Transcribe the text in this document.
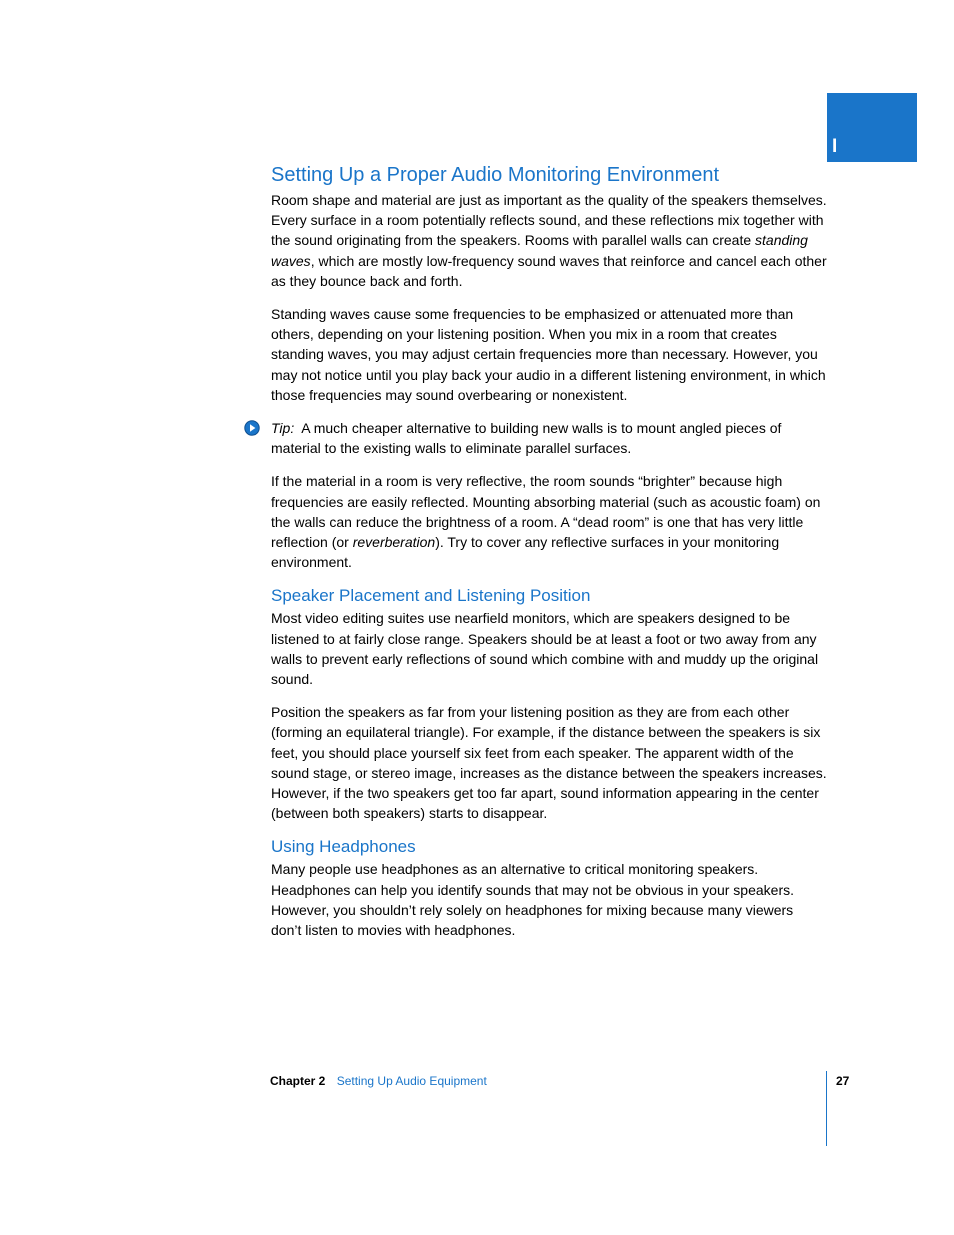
I
Setting Up a Proper Audio Monitoring Environment

Room shape and material are just as important as the quality of the speakers themselves. Every surface in a room potentially reflects sound, and these reflections mix together with the sound originating from the speakers. Rooms with parallel walls can create standing waves, which are mostly low-frequency sound waves that reinforce and cancel each other as they bounce back and forth.

Standing waves cause some frequencies to be emphasized or attenuated more than others, depending on your listening position. When you mix in a room that creates standing waves, you may adjust certain frequencies more than necessary. However, you may not notice until you play back your audio in a different listening environment, in which those frequencies may sound overbearing or nonexistent.

Tip: A much cheaper alternative to building new walls is to mount angled pieces of material to the existing walls to eliminate parallel surfaces.

If the material in a room is very reflective, the room sounds “brighter” because high frequencies are easily reflected. Mounting absorbing material (such as acoustic foam) on the walls can reduce the brightness of a room. A “dead room” is one that has very little reflection (or reverberation). Try to cover any reflective surfaces in your monitoring environment.

Speaker Placement and Listening Position

Most video editing suites use nearfield monitors, which are speakers designed to be listened to at fairly close range. Speakers should be at least a foot or two away from any walls to prevent early reflections of sound which combine with and muddy up the original sound.

Position the speakers as far from your listening position as they are from each other (forming an equilateral triangle). For example, if the distance between the speakers is six feet, you should place yourself six feet from each speaker. The apparent width of the sound stage, or stereo image, increases as the distance between the speakers increases. However, if the two speakers get too far apart, sound information appearing in the center (between both speakers) starts to disappear.

Using Headphones

Many people use headphones as an alternative to critical monitoring speakers. Headphones can help you identify sounds that may not be obvious in your speakers. However, you shouldn’t rely solely on headphones for mixing because many viewers don’t listen to movies with headphones.

Chapter 2 Setting Up Audio Equipment	27
